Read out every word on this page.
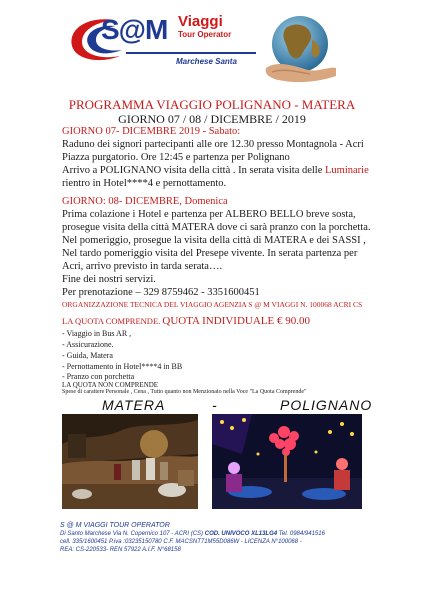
S@M Viaggi
Tour Operator
Marchese Santa
PROGRAMMA VIAGGIO POLIGNANO - MATERA
GIORNO 07 / 08 / DICEMBRE / 2019
GIORNO 07- DICEMBRE 2019 - Sabato:
Raduno dei signori partecipanti alle ore 12.30 presso Montagnola - Acri
Piazza purgatorio. Ore 12:45 e partenza per Polignano
Arrivo a POLIGNANO visita della città . In serata visita delle Luminarie
rientro in Hotel****4 e pernottamento.
GIORNO: 08- DICEMBRE, Domenica
Prima colazione i Hotel e partenza per ALBERO BELLO breve sosta,
prosegue visita della città MATERA dove ci sarà pranzo con la porchetta.
Nel pomeriggio, prosegue la visita della città di MATERA e dei SASSI ,
Nel tardo pomeriggio visita del Presepe vivente. In serata partenza per
Acri, arrivo previsto in tarda serata….
Fine dei nostri servizi.
Per prenotazione – 329 8759462 - 3351600451
ORGANIZZAZIONE TECNICA DEL VIAGGIO AGENZIA S @ M VIAGGI N. 100068 ACRI CS
LA QUOTA COMPRENDE. QUOTA INDIVIDUALE € 90.00
- Viaggio in Bus AR ,
- Assicurazione.
- Guida, Matera
- Pernottamento in Hotel****4 in BB
- Pranzo con porchetta
LA QUOTA NON COMPRENDE
Spese di carattere Personale , Cena , Tutto quanto non Menzionato nella Voce "La Quota Comprende"
MATERA	-	POLIGNANO
S @ M VIAGGI TOUR OPERATOR
Di Santo Marchese Via N. Copernico 107 - ACRI (CS) COD. UNIVOCO XL13LG4 Tel. 0984/941516
cell. 335/1600451 P.iva :03235150780 C.F. MACSNT71M55D086W - LICENZA N°100068 -
REA: CS-220533- REN 57922 A.I.F. N°68158
